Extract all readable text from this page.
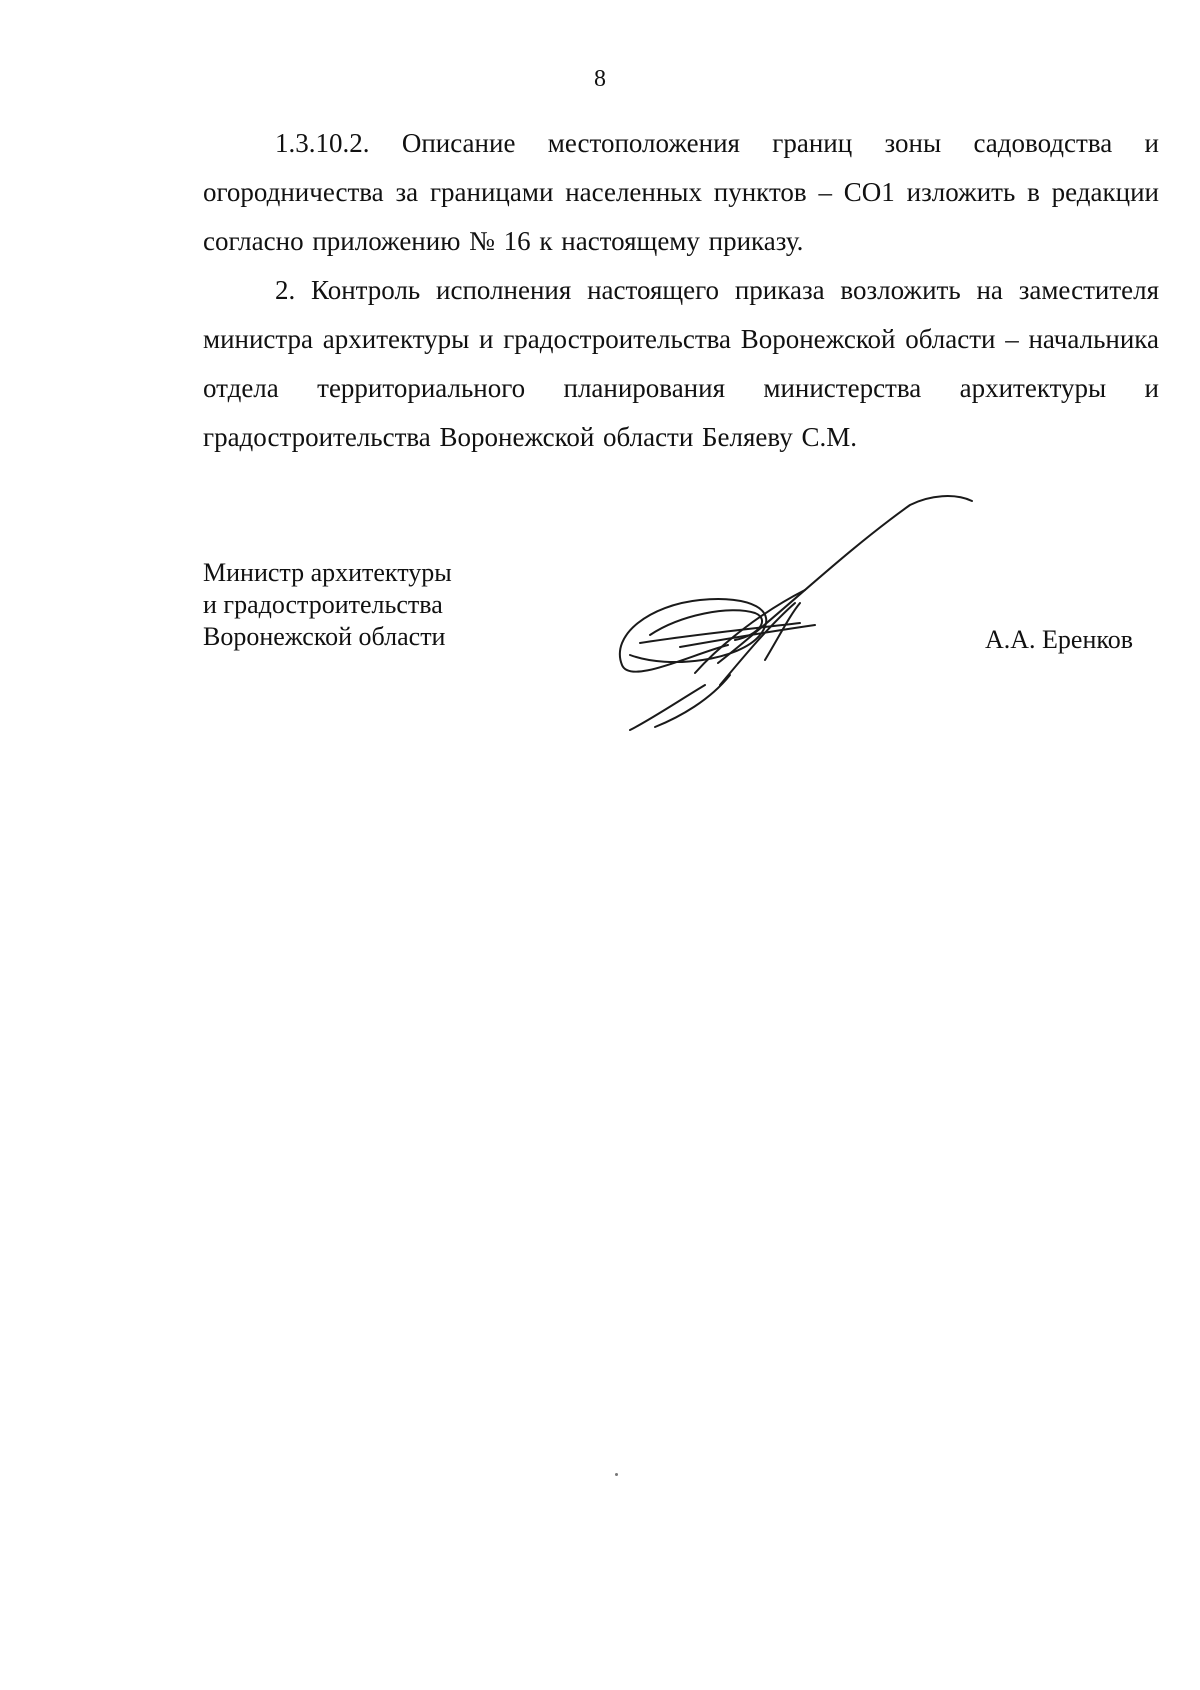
8

1.3.10.2. Описание местоположения границ зоны садоводства и огородничества за границами населенных пунктов – СО1 изложить в редакции согласно приложению № 16 к настоящему приказу.

2. Контроль исполнения настоящего приказа возложить на заместителя министра архитектуры и градостроительства Воронежской области – начальника отдела территориального планирования министерства архитектуры и градостроительства Воронежской области Беляеву С.М.

Министр архитектуры
и градостроительства
Воронежской области	А.А. Еренков
